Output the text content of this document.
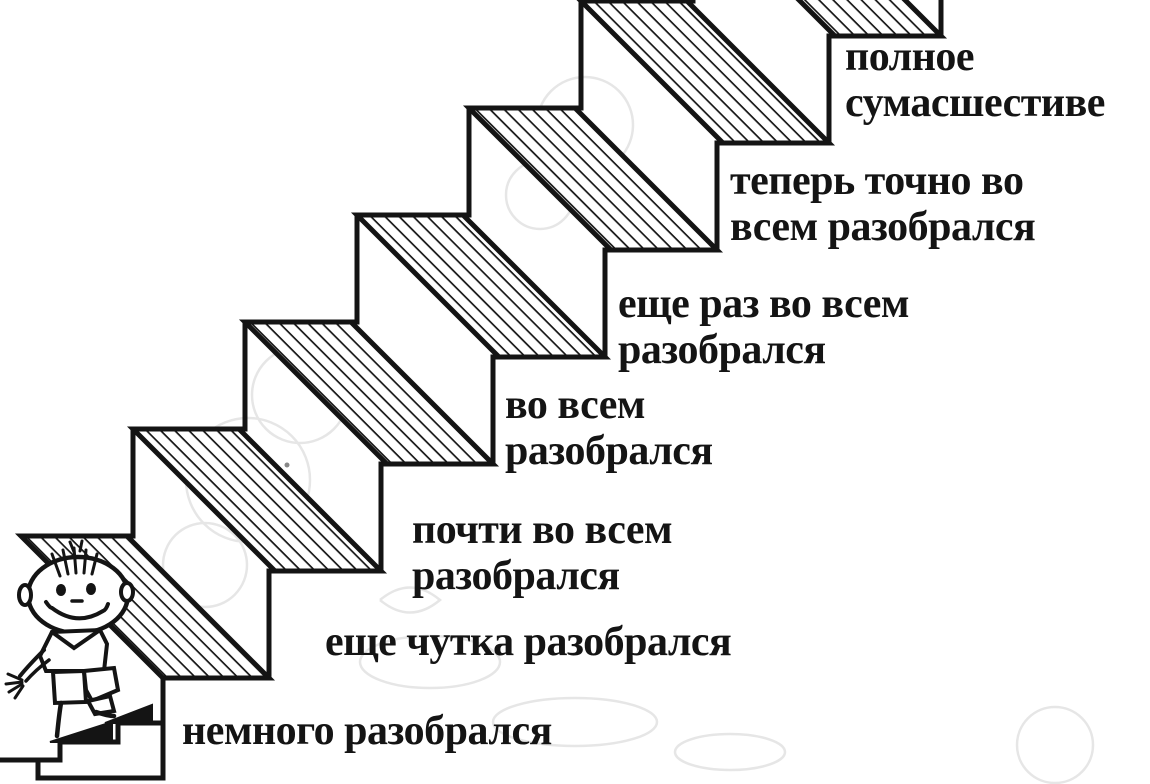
немного разобрался
еще чутка разобрался
почти во всем
разобрался
во всем
разобрался
еще раз во всем
разобрался
теперь точно во
всем разобрался
полное
сумасшестиве
